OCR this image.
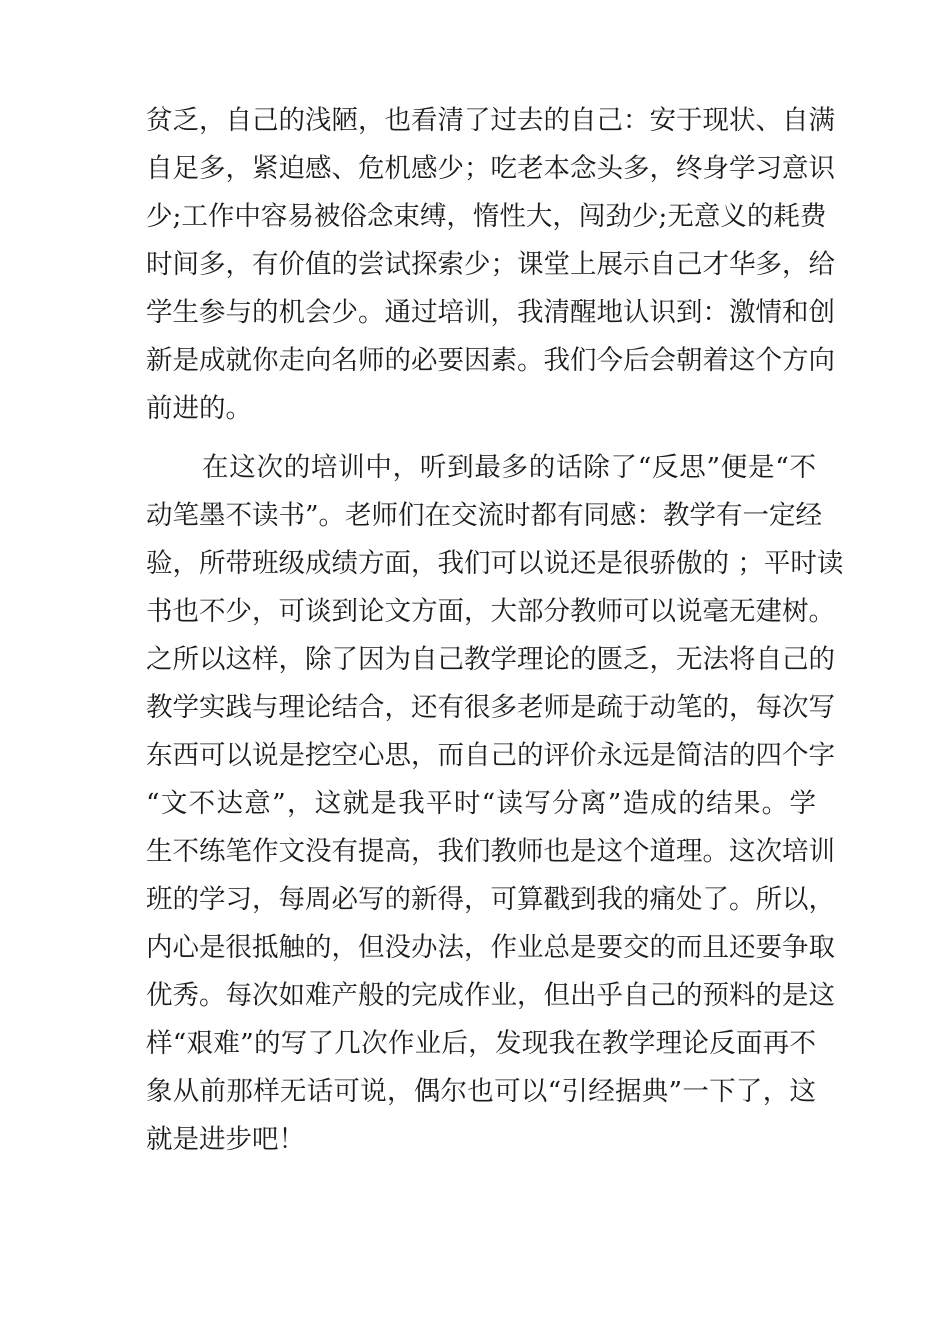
贫乏，自己的浅陋，也看清了过去的自己：安于现状、自满
自足多，紧迫感、危机感少；吃老本念头多，终身学习意识
少;工作中容易被俗念束缚，惰性大，闯劲少;无意义的耗费
时间多，有价值的尝试探索少；课堂上展示自己才华多，给
学生参与的机会少。通过培训，我清醒地认识到：激情和创
新是成就你走向名师的必要因素。我们今后会朝着这个方向
前进的。
在这次的培训中，听到最多的话除了“反思”便是“不
动笔墨不读书”。老师们在交流时都有同感：教学有一定经
验，所带班级成绩方面，我们可以说还是很骄傲的 ；平时读
书也不少，可谈到论文方面，大部分教师可以说毫无建树。
之所以这样，除了因为自己教学理论的匮乏，无法将自己的
教学实践与理论结合，还有很多老师是疏于动笔的，每次写
东西可以说是挖空心思，而自己的评价永远是简洁的四个字
“文不达意”，这就是我平时“读写分离”造成的结果。学
生不练笔作文没有提高，我们教师也是这个道理。这次培训
班的学习，每周必写的新得，可算戳到我的痛处了。所以，
内心是很抵触的，但没办法，作业总是要交的而且还要争取
优秀。每次如难产般的完成作业，但出乎自己的预料的是这
样“艰难”的写了几次作业后，发现我在教学理论反面再不
象从前那样无话可说，偶尔也可以“引经据典”一下了，这
就是进步吧！
